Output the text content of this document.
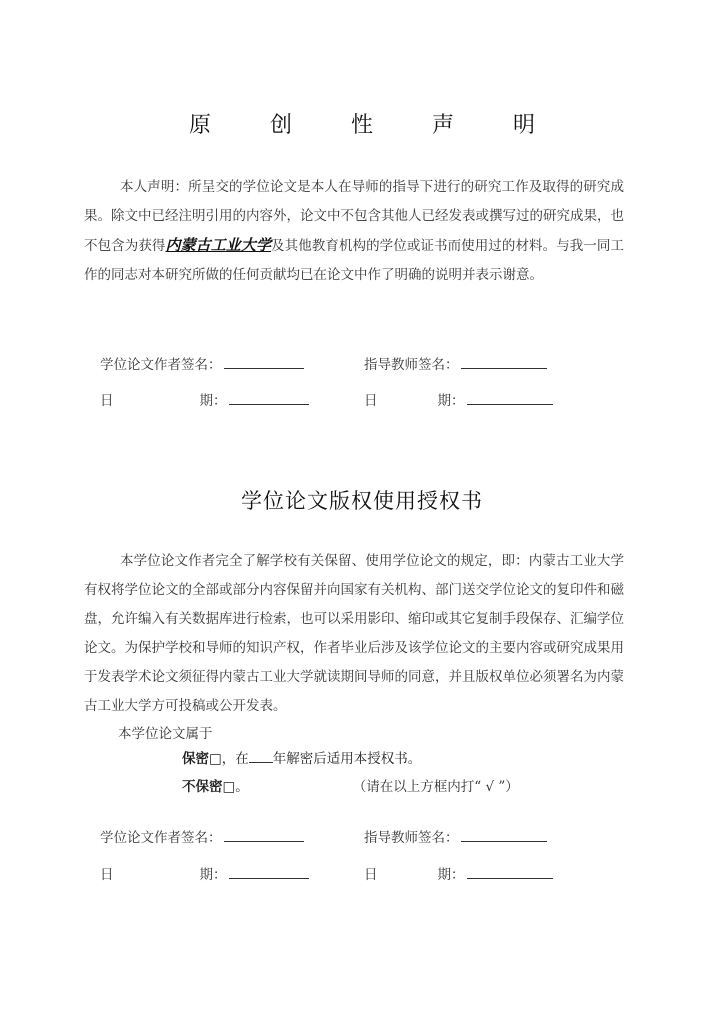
原 创 性 声 明
本人声明：所呈交的学位论文是本人在导师的指导下进行的研究工作及取得的研究成果。除文中已经注明引用的内容外，论文中不包含其他人已经发表或撰写过的研究成果，也不包含为获得内蒙古工业大学及其他教育机构的学位或证书而使用过的材料。与我一同工作的同志对本研究所做的任何贡献均已在论文中作了明确的说明并表示谢意。
学位论文作者签名：	指导教师签名：
日	期：	日	期：
学位论文版权使用授权书
本学位论文作者完全了解学校有关保留、使用学位论文的规定，即：内蒙古工业大学有权将学位论文的全部或部分内容保留并向国家有关机构、部门送交学位论文的复印件和磁盘，允许编入有关数据库进行检索，也可以采用影印、缩印或其它复制手段保存、汇编学位论文。为保护学校和导师的知识产权，作者毕业后涉及该学位论文的主要内容或研究成果用于发表学术论文须征得内蒙古工业大学就读期间导师的同意，并且版权单位必须署名为内蒙古工业大学方可投稿或公开发表。
本学位论文属于
保密□，在 年解密后适用本授权书。
不保密□。	（请在以上方框内打“ √ ”）
学位论文作者签名：	指导教师签名：
日	期：	日	期：
